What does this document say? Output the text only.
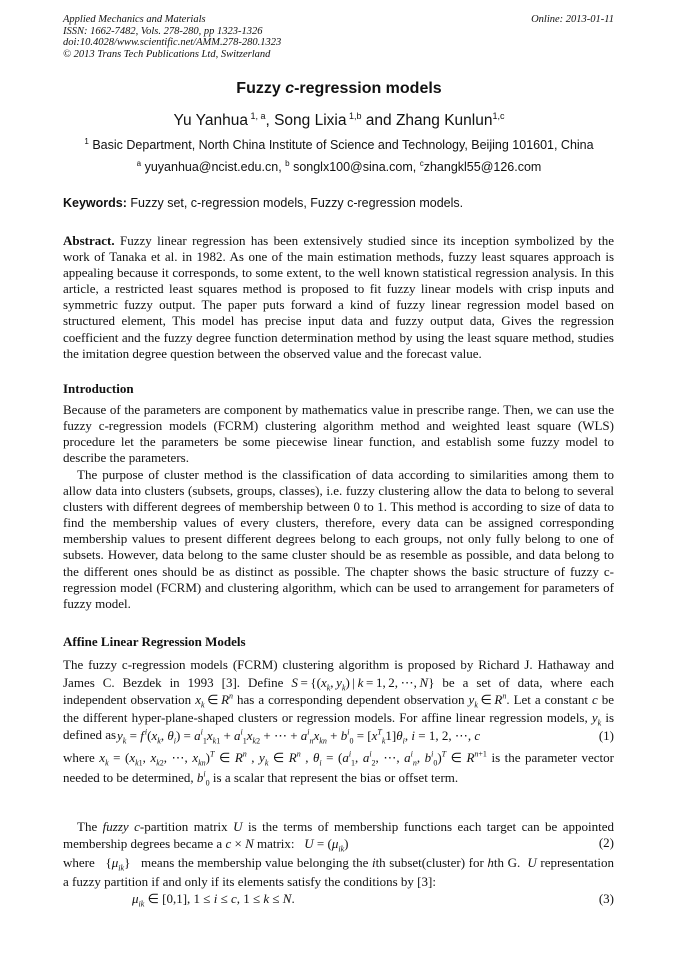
Applied Mechanics and Materials
ISSN: 1662-7482, Vols. 278-280, pp 1323-1326
doi:10.4028/www.scientific.net/AMM.278-280.1323
© 2013 Trans Tech Publications Ltd, Switzerland
Online: 2013-01-11
Fuzzy c-regression models
Yu Yanhua $^{1, a}$, Song Lixia $^{1,b}$ and Zhang Kunlun$^{1,c}$
$^1$ Basic Department, North China Institute of Science and Technology, Beijing 101601, China
$^a$ yuyanhua@ncist.edu.cn, $^b$ songlx100@sina.com, $^c$zhangkl55@126.com
Keywords: Fuzzy set, c-regression models, Fuzzy c-regression models.

Abstract. Fuzzy linear regression has been extensively studied since its inception symbolized by the work of Tanaka et al. in 1982. As one of the main estimation methods, fuzzy least squares approach is appealing because it corresponds, to some extent, to the well known statistical regression analysis. In this article, a restricted least squares method is proposed to fit fuzzy linear models with crisp inputs and symmetric fuzzy output. The paper puts forward a kind of fuzzy linear regression model based on structured element, This model has precise input data and fuzzy output data, Gives the regression coefficient and the fuzzy degree function determination method by using the least square method, studies the imitation degree question between the observed value and the forecast value.

Introduction

Because of the parameters are component by mathematics value in prescribe range. Then, we can use the fuzzy c-regression models (FCRM) clustering algorithm method and weighted least square (WLS) procedure let the parameters be some piecewise linear function, and establish some fuzzy model to describe the parameters.

The purpose of cluster method is the classification of data according to similarities among them to allow data into clusters (subsets, groups, classes), i.e. fuzzy clustering allow the data to belong to several clusters with different degrees of membership between 0 to 1. This method is according to size of data to find the membership values of every clusters, therefore, every data can be assigned corresponding membership values to present different degrees belong to each groups, not only fully belong to one of subsets. However, data belong to the same cluster should be as resemble as possible, and data belong to the different ones should be as distinct as possible. The chapter shows the basic structure of fuzzy c-regression model (FCRM) and clustering algorithm, which can be used to arrangement for parameters of fuzzy model.

Affine Linear Regression Models

The fuzzy c-regression models (FCRM) clustering algorithm is proposed by Richard J. Hathaway and James C. Bezdek in 1993 [3]. Define $S = \{(x_k$, $y_k$) | k = 1, 2, ⋯, N} be a set of data, where each independent observation $x_k$ ∈ $R^n$ has a corresponding dependent observation $y_k$ ∈ $R^n$. Let a constant c be the different hyper-plane-shaped clusters or regression models. For affine linear regression models, $y_k$ is defined as $y_k = f$ $^i(x_k$, $\theta_i) = a^i_1x_{k1} + a^i_1x_{k2}$ + ⋯ + $a^i_nx_{kn} + b^i_0 = [x^T_k1]\theta_i$, i = 1, 2, ⋯, c	(1)

where $x_k = (x_{k1}$, $x_{k2}$, ⋯, $x_{kn})^T$ ∈ $R^n$ , $y_k$ ∈ $R^n$ , $\theta_i = (a^i_1$, $a^i_2$, ⋯, $a^i_n$, $b^i_0)^T$ ∈ $R^{n+1}$ is the parameter vector needed to be determined, $b^i_0$ is a scalar that represent the bias or offset term.

The fuzzy c-partition matrix U is the terms of membership functions each target can be appointed membership degrees became a c × N matrix: $U = (\mu_{ik})$	(2)

where   $\{\mu_{ik}\}$   means the membership value belonging the ith subset(cluster) for hth G. U representation a fuzzy partition if and only if its elements satisfy the conditions by [3]:

$\mu_{ik}$ ∈ [0,1], 1 ≤ i ≤ c, 1 ≤ k ≤ N.	(3)
